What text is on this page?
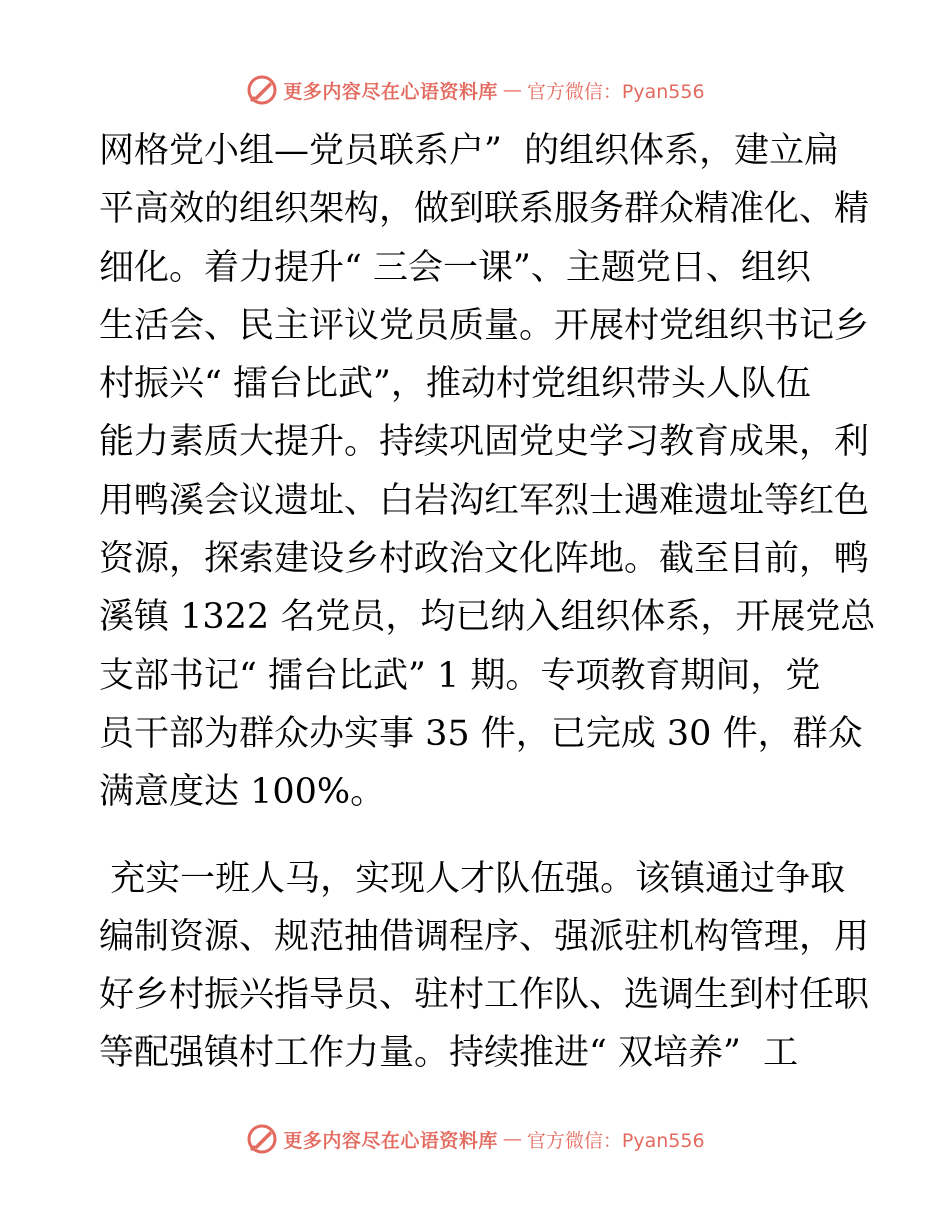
更多内容尽在心语资料库 — 官方微信：Pyan556

网格党小组—党员联系户”  的组织体系，建立扁

平高效的组织架构，做到联系服务群众精准化、精

细化。着力提升“ 三会一课”、主题党日、组织

生活会、民主评议党员质量。开展村党组织书记乡

村振兴“ 擂台比武”，推动村党组织带头人队伍

能力素质大提升。持续巩固党史学习教育成果，利

用鸭溪会议遗址、白岩沟红军烈士遇难遗址等红色

资源，探索建设乡村政治文化阵地。截至目前，鸭

溪镇 1322 名党员，均已纳入组织体系，开展党总

支部书记“ 擂台比武” 1 期。专项教育期间，党

员干部为群众办实事 35 件，已完成 30 件，群众

满意度达 100%。

充实一班人马，实现人才队伍强。该镇通过争取

编制资源、规范抽借调程序、强派驻机构管理，用

好乡村振兴指导员、驻村工作队、选调生到村任职

等配强镇村工作力量。持续推进“ 双培养”  工

更多内容尽在心语资料库 — 官方微信：Pyan556
